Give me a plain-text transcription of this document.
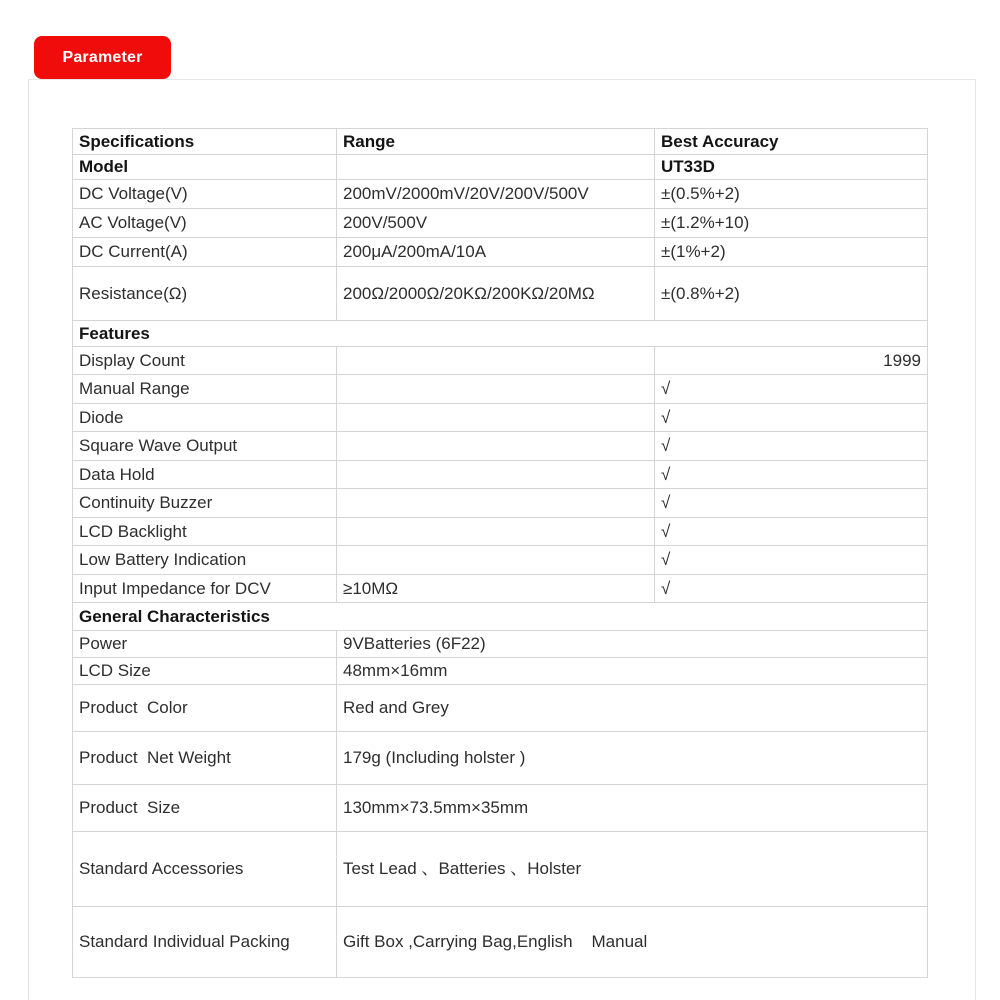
Parameter
Specifications	Range	Best Accuracy
Model		UT33D
DC Voltage(V)	200mV/2000mV/20V/200V/500V	±(0.5%+2)
AC Voltage(V)	200V/500V	±(1.2%+10)
DC Current(A)	200μA/200mA/10A	±(1%+2)
Resistance(Ω)	200Ω/2000Ω/20KΩ/200KΩ/20MΩ	±(0.8%+2)
Features		
Display Count		1999
Manual Range		√
Diode		√
Square Wave Output		√
Data Hold		√
Continuity Buzzer		√
LCD Backlight		√
Low Battery Indication		√
Input Impedance for DCV	≥10MΩ	√
General Characteristics		
Power	9VBatteries (6F22)	
LCD Size	48mm×16mm	
Product  Color	Red and Grey	
Product  Net Weight	179g (Including holster )	
Product  Size	130mm×73.5mm×35mm	
Standard Accessories	Test Lead 、Batteries 、Holster	
Standard Individual Packing	Gift Box ,Carrying Bag,English    Manual	
